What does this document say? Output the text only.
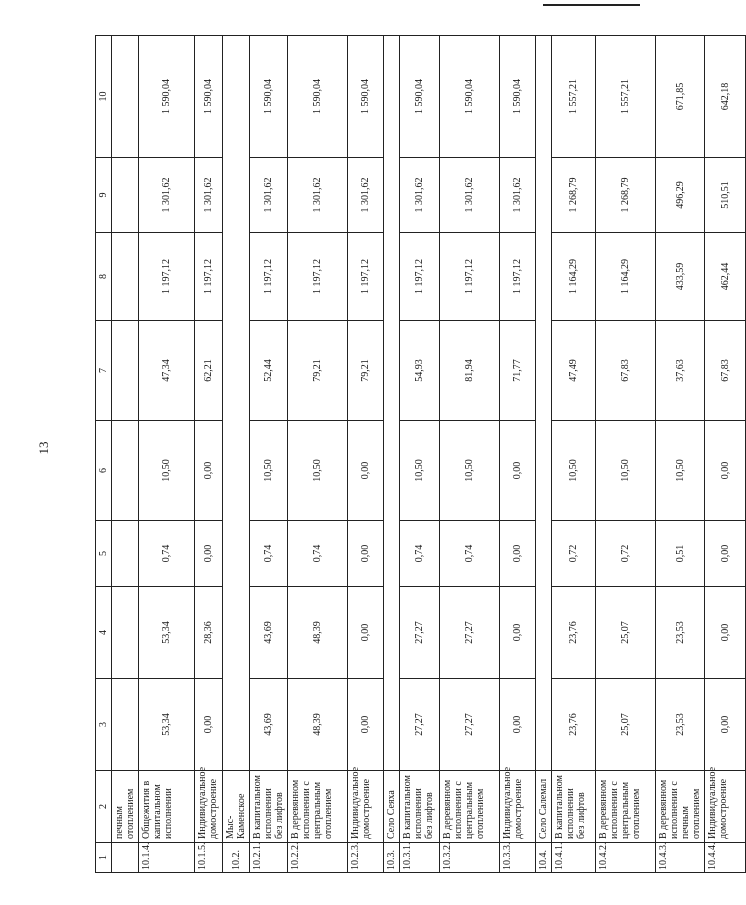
13
1	2	3	4	5	6	7	8	9	10
	печным отоплением								
10.1.4.	Общежития в капитальном исполнении	53,34	53,34	0,74	10,50	47,34	1 197,12	1 301,62	1 590,04
10.1.5.	Индивидуальное домостроение	0,00	28,36	0,00	0,00	62,21	1 197,12	1 301,62	1 590,04
10.2.	Мыс-Каменское								
10.2.1.	В капитальном исполнении без лифтов	43,69	43,69	0,74	10,50	52,44	1 197,12	1 301,62	1 590,04
10.2.2.	В деревянном исполнении с центральным отоплением	48,39	48,39	0,74	10,50	79,21	1 197,12	1 301,62	1 590,04
10.2.3.	Индивидуальное домостроение	0,00	0,00	0,00	0,00	79,21	1 197,12	1 301,62	1 590,04
10.3.	Село Сеяха								
10.3.1.	В капитальном исполнении без лифтов	27,27	27,27	0,74	10,50	54,93	1 197,12	1 301,62	1 590,04
10.3.2.	В деревянном исполнении с центральным отоплением	27,27	27,27	0,74	10,50	81,94	1 197,12	1 301,62	1 590,04
10.3.3.	Индивидуальное домостроение	0,00	0,00	0,00	0,00	71,77	1 197,12	1 301,62	1 590,04
10.4.	Село Салемал								
10.4.1.	В капитальном исполнении без лифтов	23,76	23,76	0,72	10,50	47,49	1 164,29	1 268,79	1 557,21
10.4.2.	В деревянном исполнении с центральным отоплением	25,07	25,07	0,72	10,50	67,83	1 164,29	1 268,79	1 557,21
10.4.3.	В деревянном исполнении с печным отоплением	23,53	23,53	0,51	10,50	37,63	433,59	496,29	671,85
10.4.4.	Индивидуальное домостроение	0,00	0,00	0,00	0,00	67,83	462,44	510,51	642,18
